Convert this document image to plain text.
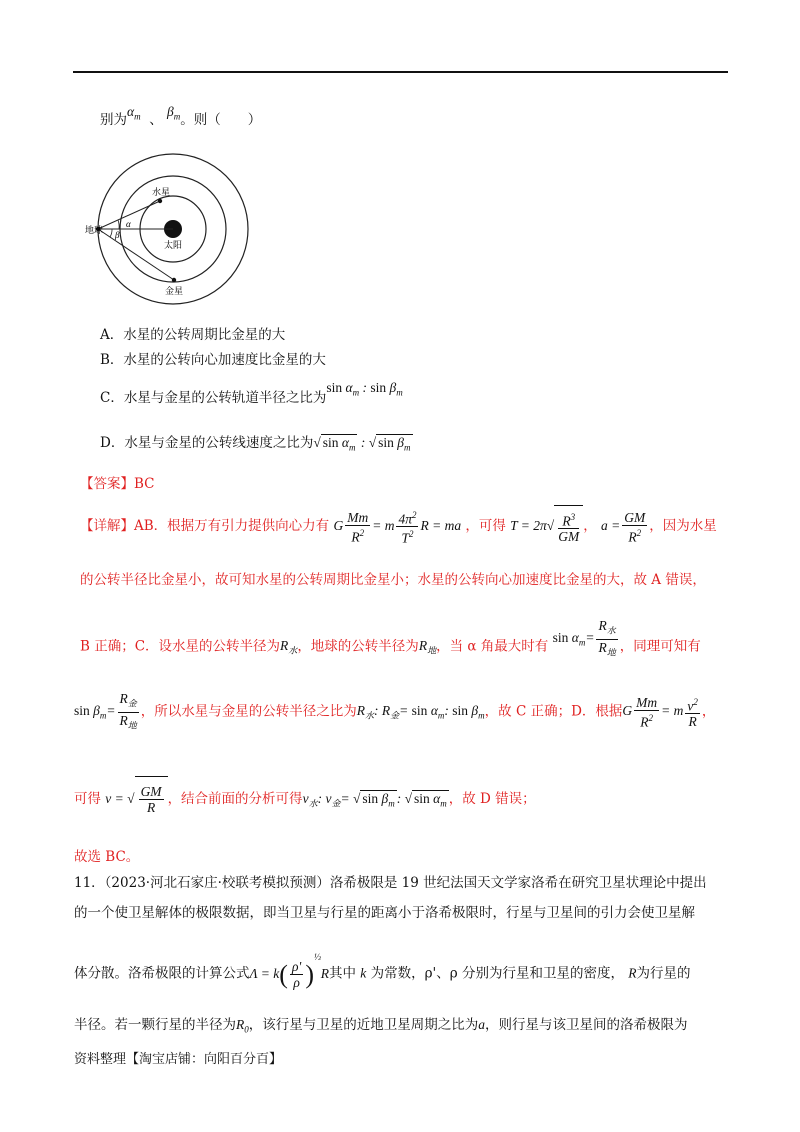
别为$\alpha_m$ 、 $\beta_m$。则（　　）
地球
水星
太阳
金星
α
β
A．水星的公转周期比金星的大
B．水星的公转向心加速度比金星的大
C．水星与金星的公转轨道半径之比为$\sin \alpha_m$ : $\sin \beta_m$
D．水星与金星的公转线速度之比为√ $\sin \alpha_m$ : √ $\sin \beta_m$
【答案】BC
【详解】AB．根据万有引力提供向心力有 G $\frac{Mm}{R^2} = m \frac{4\pi^2}{T^2}$ R = ma ，可得 $T = 2\pi√ \frac{R^3}{GM}$ ， $a = \frac{GM}{R^2}$ ，因为水星
的公转半径比金星小，故可知水星的公转周期比金星小；水星的公转向心加速度比金星的大，故 A 错误，
B 正确；C．设水星的公转半径为$R_水$，地球的公转半径为$R_地$，当 α 角最大时有 $\sin \alpha_m= \frac{R_水}{R_地}$ ，同理可知有
$\sin \beta_m= \frac{R_金}{R_地}$ ，所以水星与金星的公转半径之比为$R_水$: $R_金= \sin \alpha_m$: $\sin \beta_m$，故 C 正确；D．根据G $\frac{Mm}{R^2} = m \frac{v^2}{R}$ ，
可得 v = √ $\frac{GM}{R}$ ，结合前面的分析可得$v_水$: $v_金=$ √ $\sin \beta_m$ : √ $\sin \alpha_m$ ，故 D 错误；
故选 BC。
11．（2023·河北石家庄·校联考模拟预测）洛希极限是 19 世纪法国天文学家洛希在研究卫星状理论中提出
的一个使卫星解体的极限数据，即当卫星与行星的距离小于洛希极限时，行星与卫星间的引力会使卫星解
体分散。洛希极限的计算公式$\Lambda = k( \frac{\rho'}{\rho} )^{\frac{1}{3}}R$其中 k 为常数，ρ'、ρ 分别为行星和卫星的密度， R为行星的
半径。若一颗行星的半径为$R_0$，该行星与卫星的近地卫星周期之比为a，则行星与该卫星间的洛希极限为
资料整理【淘宝店铺：向阳百分百】
